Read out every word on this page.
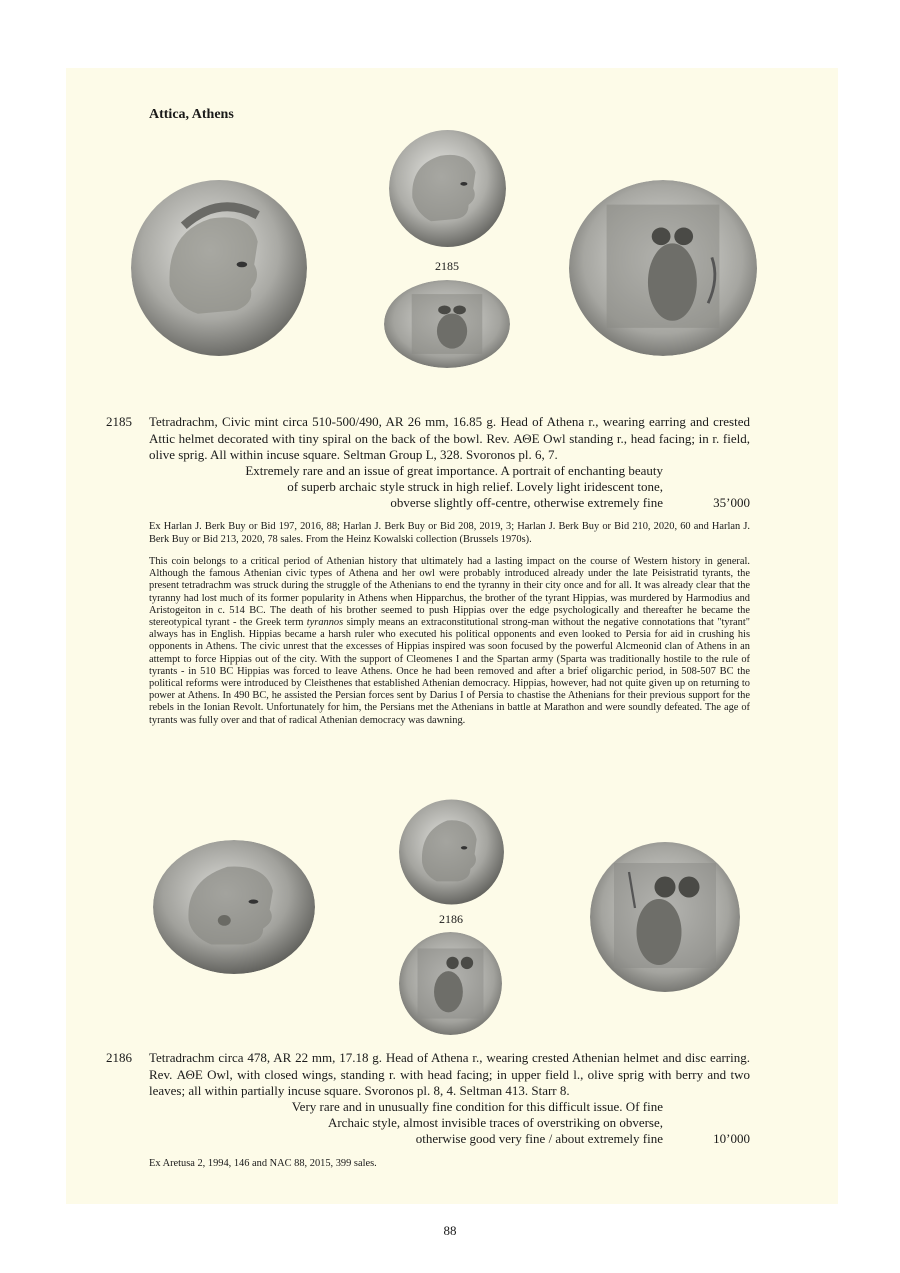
Attica, Athens
2185
2185 Tetradrachm, Civic mint circa 510-500/490, AR 26 mm, 16.85 g. Head of Athena r., wearing earring and crested Attic helmet decorated with tiny spiral on the back of the bowl. Rev. ΑΘΕ Owl standing r., head facing; in r. field, olive sprig. All within incuse square. Seltman Group L, 328. Svoronos pl. 6, 7.
Extremely rare and an issue of great importance. A portrait of enchanting beauty
of superb archaic style struck in high relief. Lovely light iridescent tone,
obverse slightly off-centre, otherwise extremely fine	35’000
Ex Harlan J. Berk Buy or Bid 197, 2016, 88; Harlan J. Berk Buy or Bid 208, 2019, 3; Harlan J. Berk Buy or Bid 210, 2020, 60 and Harlan J. Berk Buy or Bid 213, 2020, 78 sales. From the Heinz Kowalski collection (Brussels 1970s).
This coin belongs to a critical period of Athenian history that ultimately had a lasting impact on the course of Western history in general. Although the famous Athenian civic types of Athena and her owl were probably introduced already under the late Peisistratid tyrants, the present tetradrachm was struck during the struggle of the Athenians to end the tyranny in their city once and for all. It was already clear that the tyranny had lost much of its former popularity in Athens when Hipparchus, the brother of the tyrant Hippias, was murdered by Harmodius and Aristogeiton in c. 514 BC. The death of his brother seemed to push Hippias over the edge psychologically and thereafter he became the stereotypical tyrant - the Greek term tyrannos simply means an extraconstitutional strong-man without the negative connotations that "tyrant" always has in English. Hippias became a harsh ruler who executed his political opponents and even looked to Persia for aid in crushing his opponents in Athens. The civic unrest that the excesses of Hippias inspired was soon focused by the powerful Alcmeonid clan of Athens in an attempt to force Hippias out of the city. With the support of Cleomenes I and the Spartan army (Sparta was traditionally hostile to the rule of tyrants - in 510 BC Hippias was forced to leave Athens. Once he had been removed and after a brief oligarchic period, in 508-507 BC the political reforms were introduced by Cleisthenes that established Athenian democracy. Hippias, however, had not quite given up on returning to power at Athens. In 490 BC, he assisted the Persian forces sent by Darius I of Persia to chastise the Athenians for their previous support for the rebels in the Ionian Revolt. Unfortunately for him, the Persians met the Athenians in battle at Marathon and were soundly defeated. The age of tyrants was fully over and that of radical Athenian democracy was dawning.
2186
2186 Tetradrachm circa 478, AR 22 mm, 17.18 g. Head of Athena r., wearing crested Athenian helmet and disc earring. Rev. ΑΘΕ Owl, with closed wings, standing r. with head facing; in upper field l., olive sprig with berry and two leaves; all within partially incuse square. Svoronos pl. 8, 4. Seltman 413. Starr 8.
Very rare and in unusually fine condition for this difficult issue. Of fine
Archaic style, almost invisible traces of overstriking on obverse,
otherwise good very fine / about extremely fine	10’000
Ex Aretusa 2, 1994, 146 and NAC 88, 2015, 399 sales.
88
